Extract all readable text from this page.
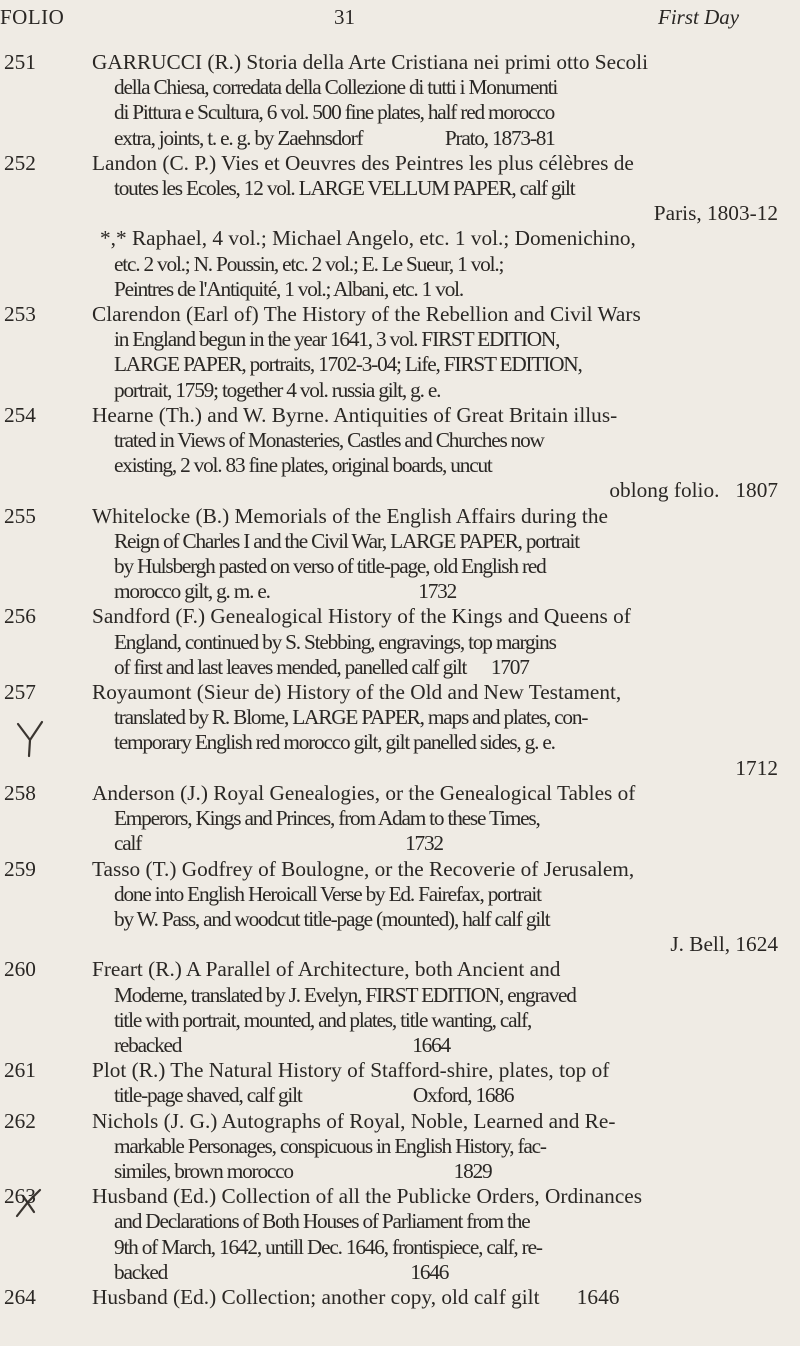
FOLIO	31	First Day
251	GARRUCCI (R.) Storia della Arte Cristiana nei primi otto Secoli
della Chiesa, corredata della Collezione di tutti i Monumenti
di Pittura e Scultura, 6 vol. 500 fine plates, half red morocco
extra, joints, t. e. g. by Zaehnsdorf                    Prato, 1873-81
252	Landon (C. P.) Vies et Oeuvres des Peintres les plus célèbres de
toutes les Ecoles, 12 vol. LARGE VELLUM PAPER, calf gilt
Paris, 1803-12
*,* Raphael, 4 vol.; Michael Angelo, etc. 1 vol.; Domenichino,
etc. 2 vol.; N. Poussin, etc. 2 vol.; E. Le Sueur, 1 vol.;
Peintres de l'Antiquité, 1 vol.; Albani, etc. 1 vol.
253	Clarendon (Earl of) The History of the Rebellion and Civil Wars
in England begun in the year 1641, 3 vol. FIRST EDITION,
LARGE PAPER, portraits, 1702-3-04; Life, FIRST EDITION,
portrait, 1759; together 4 vol. russia gilt, g. e.
254	Hearne (Th.) and W. Byrne. Antiquities of Great Britain illus-
trated in Views of Monasteries, Castles and Churches now
existing, 2 vol. 83 fine plates, original boards, uncut
oblong folio.   1807
255	Whitelocke (B.) Memorials of the English Affairs during the
Reign of Charles I and the Civil War, LARGE PAPER, portrait
by Hulsbergh pasted on verso of title-page, old English red
morocco gilt, g. m. e.                                    1732
256	Sandford (F.) Genealogical History of the Kings and Queens of
England, continued by S. Stebbing, engravings, top margins
of first and last leaves mended, panelled calf gilt      1707
257	Royaumont (Sieur de) History of the Old and New Testament,
translated by R. Blome, LARGE PAPER, maps and plates, con-
temporary English red morocco gilt, gilt panelled sides, g. e.
1712
258	Anderson (J.) Royal Genealogies, or the Genealogical Tables of
Emperors, Kings and Princes, from Adam to these Times,
calf                                                                1732
259	Tasso (T.) Godfrey of Boulogne, or the Recoverie of Jerusalem,
done into English Heroicall Verse by Ed. Fairefax, portrait
by W. Pass, and woodcut title-page (mounted), half calf gilt
J. Bell, 1624
260	Freart (R.) A Parallel of Architecture, both Ancient and
Moderne, translated by J. Evelyn, FIRST EDITION, engraved
title with portrait, mounted, and plates, title wanting, calf,
rebacked                                                        1664
261	Plot (R.) The Natural History of Stafford-shire, plates, top of
title-page shaved, calf gilt                           Oxford, 1686
262	Nichols (J. G.) Autographs of Royal, Noble, Learned and Re-
markable Personages, conspicuous in English History, fac-
similes, brown morocco                                       1829
263	Husband (Ed.) Collection of all the Publicke Orders, Ordinances
and Declarations of Both Houses of Parliament from the
9th of March, 1642, untill Dec. 1646, frontispiece, calf, re-
backed                                                           1646
264	Husband (Ed.) Collection; another copy, old calf gilt       1646
